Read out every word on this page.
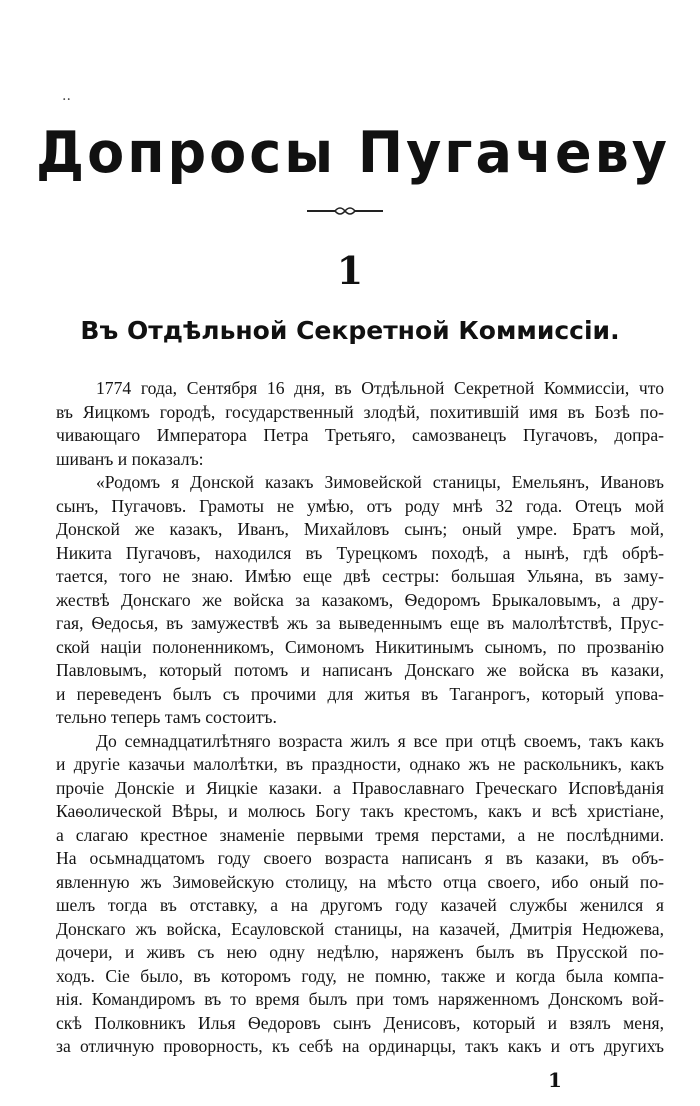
..
Допросы Пугачеву
1
Въ Отдѣльной Секретной Коммиссіи.
1774 года, Сентября 16 дня, въ Отдѣльной Секретной Коммиссіи, что
въ Яицкомъ городѣ, государственный злодѣй, похитившій имя въ Бозѣ по-
чивающаго Императора Петра Третьяго, самозванецъ Пугачовъ, допра-
шиванъ и показалъ:
«Родомъ я Донской казакъ Зимовейской станицы, Емельянъ, Ивановъ
сынъ, Пугачовъ. Грамоты не умѣю, отъ роду мнѣ 32 года. Отецъ мой
Донской же казакъ, Иванъ, Михайловъ сынъ; оный умре. Братъ мой,
Никита Пугачовъ, находился въ Турецкомъ походѣ, а нынѣ, гдѣ обрѣ-
тается, того не знаю. Имѣю еще двѣ сестры: большая Ульяна, въ заму-
жествѣ Донскаго же войска за казакомъ, Ѳедоромъ Брыкаловымъ, а дру-
гая, Ѳедосья, въ замужествѣ жъ за выведеннымъ еще въ малолѣтствѣ, Прус-
ской націи полоненникомъ, Симономъ Никитинымъ сыномъ, по прозванію
Павловымъ, который потомъ и написанъ Донскаго же войска въ казаки,
и переведенъ былъ съ прочими для житья въ Таганрогъ, который упова-
тельно теперь тамъ состоитъ.
До семнадцатилѣтняго возраста жилъ я все при отцѣ своемъ, такъ какъ
и другіе казачьи малолѣтки, въ праздности, однако жъ не раскольникъ, какъ
прочіе Донскіе и Яицкіе казаки. а Православнаго Греческаго Исповѣданія
Каѳолической Вѣры, и молюсь Богу такъ крестомъ, какъ и всѣ христіане,
а слагаю крестное знаменіе первыми тремя перстами, а не послѣдними.
На осьмнадцатомъ году своего возраста написанъ я въ казаки, въ объ-
явленную жъ Зимовейскую столицу, на мѣсто отца своего, ибо оный по-
шелъ тогда въ отставку, а на другомъ году казачей службы женился я
Донскаго жъ войска, Есауловской станицы, на казачей, Дмитрія Недюжева,
дочери, и живъ съ нею одну недѣлю, наряженъ былъ въ Прусской по-
ходъ. Сіе было, въ которомъ году, не помню, также и когда была компа-
нія. Командиромъ въ то время былъ при томъ наряженномъ Донскомъ вой-
скѣ Полковникъ Илья Ѳедоровъ сынъ Денисовъ, который и взялъ меня,
за отличную проворность, къ себѣ на ординарцы, такъ какъ и отъ другихъ
1
